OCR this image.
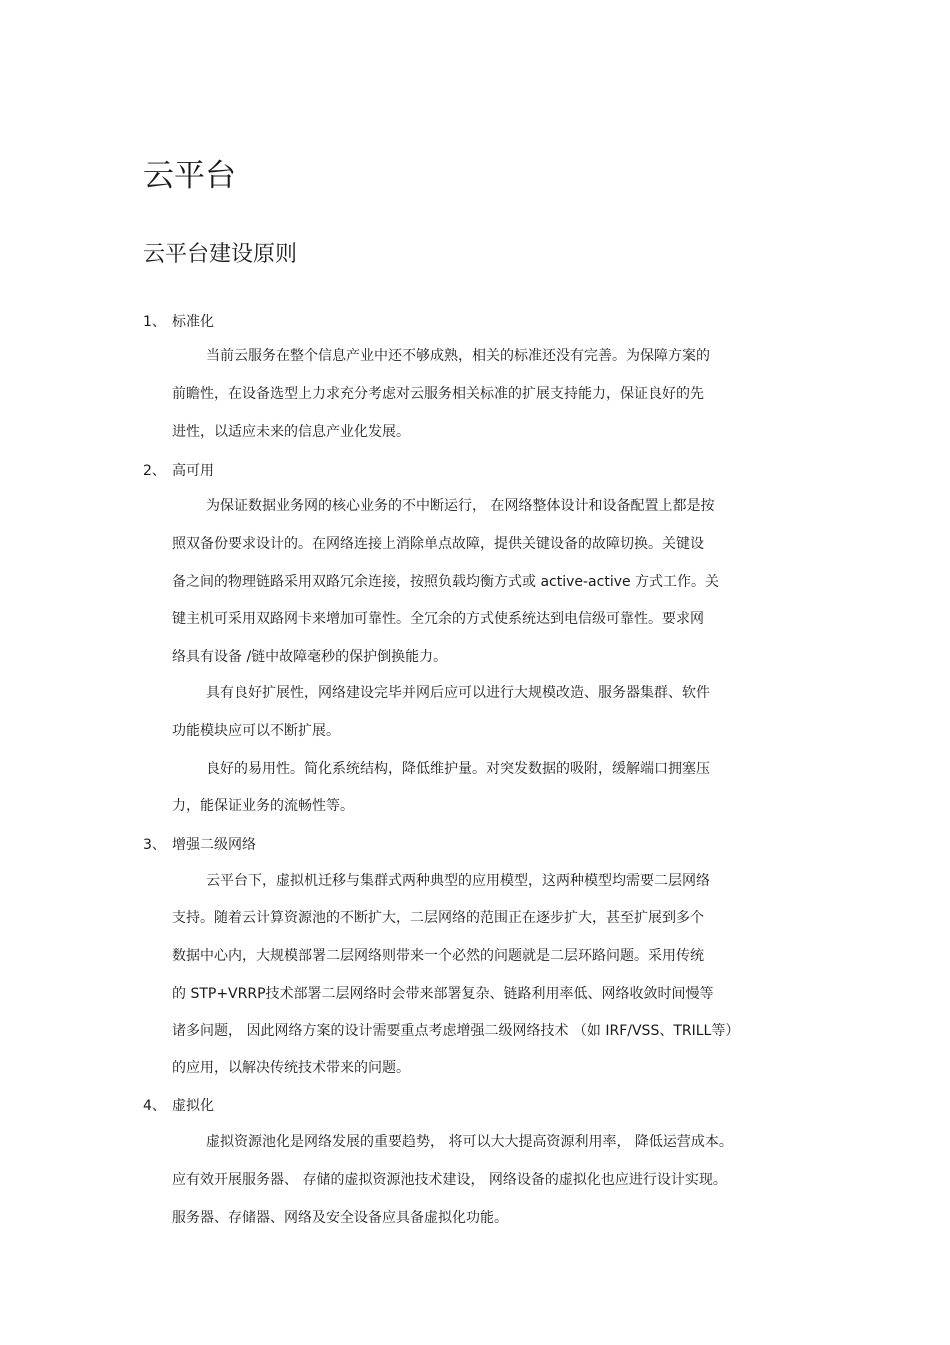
云平台
云平台建设原则
1、 标准化
当前云服务在整个信息产业中还不够成熟，相关的标准还没有完善。为保障方案的
前瞻性，在设备选型上力求充分考虑对云服务相关标准的扩展支持能力，保证良好的先
进性，以适应未来的信息产业化发展。
2、 高可用
为保证数据业务网的核心业务的不中断运行， 在网络整体设计和设备配置上都是按
照双备份要求设计的。在网络连接上消除单点故障，提供关键设备的故障切换。关键设
备之间的物理链路采用双路冗余连接，按照负载均衡方式或 active-active 方式工作。关
键主机可采用双路网卡来增加可靠性。全冗余的方式使系统达到电信级可靠性。要求网
络具有设备 /链中故障毫秒的保护倒换能力。
具有良好扩展性，网络建设完毕并网后应可以进行大规模改造、服务器集群、软件
功能模块应可以不断扩展。
良好的易用性。简化系统结构，降低维护量。对突发数据的吸附，缓解端口拥塞压
力，能保证业务的流畅性等。
3、 增强二级网络
云平台下，虚拟机迁移与集群式两种典型的应用模型，这两种模型均需要二层网络
支持。随着云计算资源池的不断扩大，二层网络的范围正在逐步扩大，甚至扩展到多个
数据中心内，大规模部署二层网络则带来一个必然的问题就是二层环路问题。采用传统
的 STP+VRRP技术部署二层网络时会带来部署复杂、链路利用率低、网络收敛时间慢等
诸多问题， 因此网络方案的设计需要重点考虑增强二级网络技术 （如 IRF/VSS、TRILL等）
的应用，以解决传统技术带来的问题。
4、 虚拟化
虚拟资源池化是网络发展的重要趋势， 将可以大大提高资源利用率， 降低运营成本。
应有效开展服务器、 存储的虚拟资源池技术建设， 网络设备的虚拟化也应进行设计实现。
服务器、存储器、网络及安全设备应具备虚拟化功能。
